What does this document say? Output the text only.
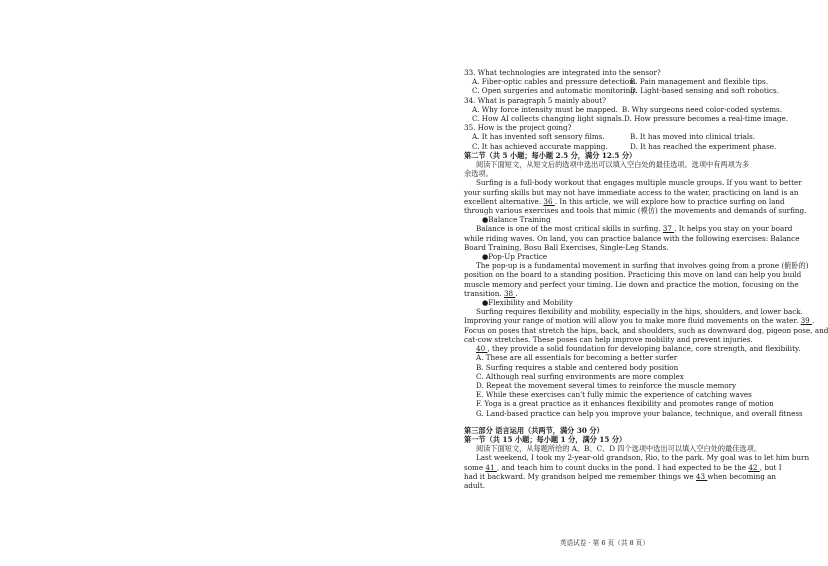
33. What technologies are integrated into the sensor?
A. Fiber-optic cables and pressure detection.
B. Pain management and flexible tips.
C. Open surgeries and automatic monitoring.
D. Light-based sensing and soft robotics.
34. What is paragraph 5 mainly about?
A. Why force intensity must be mapped. B. Why surgeons need color-coded systems.
C. How AI collects changing light signals. D. How pressure becomes a real-time image.
35. How is the project going?
A. It has invented soft sensory films.	B. It has moved into clinical trials.
C. It has achieved accurate mapping.	D. It has reached the experiment phase.
第二节（共 5 小题；每小题 2.5 分，满分 12.5 分）
阅读下面短文，从短文后的选项中选出可以填入空白处的最佳选项。选项中有两项为多
余选项。
Surfing is a full-body workout that engages multiple muscle groups. If you want to better
your surfing skills but may not have immediate access to the water, practicing on land is an
excellent alternative. 36 . In this article, we will explore how to practice surfing on land
through various exercises and tools that mimic (模仿) the movements and demands of surfing.
●Balance Training
Balance is one of the most critical skills in surfing. 37 . It helps you stay on your board
while riding waves. On land, you can practice balance with the following exercises: Balance
Board Training, Bosu Ball Exercises, Single-Leg Stands.
●Pop-Up Practice
The pop-up is a fundamental movement in surfing that involves going from a prone (俯卧的)
position on the board to a standing position. Practicing this move on land can help you build
muscle memory and perfect your timing. Lie down and practice the motion, focusing on the
transition. 38 .
●Flexibility and Mobility
Surfing requires flexibility and mobility, especially in the hips, shoulders, and lower back.
Improving your range of motion will allow you to make more fluid movements on the water. 39 .
Focus on poses that stretch the hips, back, and shoulders, such as downward dog, pigeon pose, and
cat-cow stretches. These poses can help improve mobility and prevent injuries.
40 , they provide a solid foundation for developing balance, core strength, and flexibility.
A. These are all essentials for becoming a better surfer
B. Surfing requires a stable and centered body position
C. Although real surfing environments are more complex
D. Repeat the movement several times to reinforce the muscle memory
E. While these exercises can't fully mimic the experience of catching waves
F. Yoga is a great practice as it enhances flexibility and promotes range of motion
G. Land-based practice can help you improve your balance, technique, and overall fitness
第三部分 语言运用（共两节，满分 30 分）
第一节（共 15 小题；每小题 1 分，满分 15 分）
阅读下面短文，从每题所给的 A、B、C、D 四个选项中选出可以填入空白处的最佳选项。
Last weekend, I took my 2-year-old grandson, Rio, to the park. My goal was to let him burn
some 41 , and teach him to count ducks in the pond. I had expected to be the 42 , but I
had it backward. My grandson helped me remember things we 43 when becoming an
adult.
英语试卷 · 第 6 页（共 8 页）
